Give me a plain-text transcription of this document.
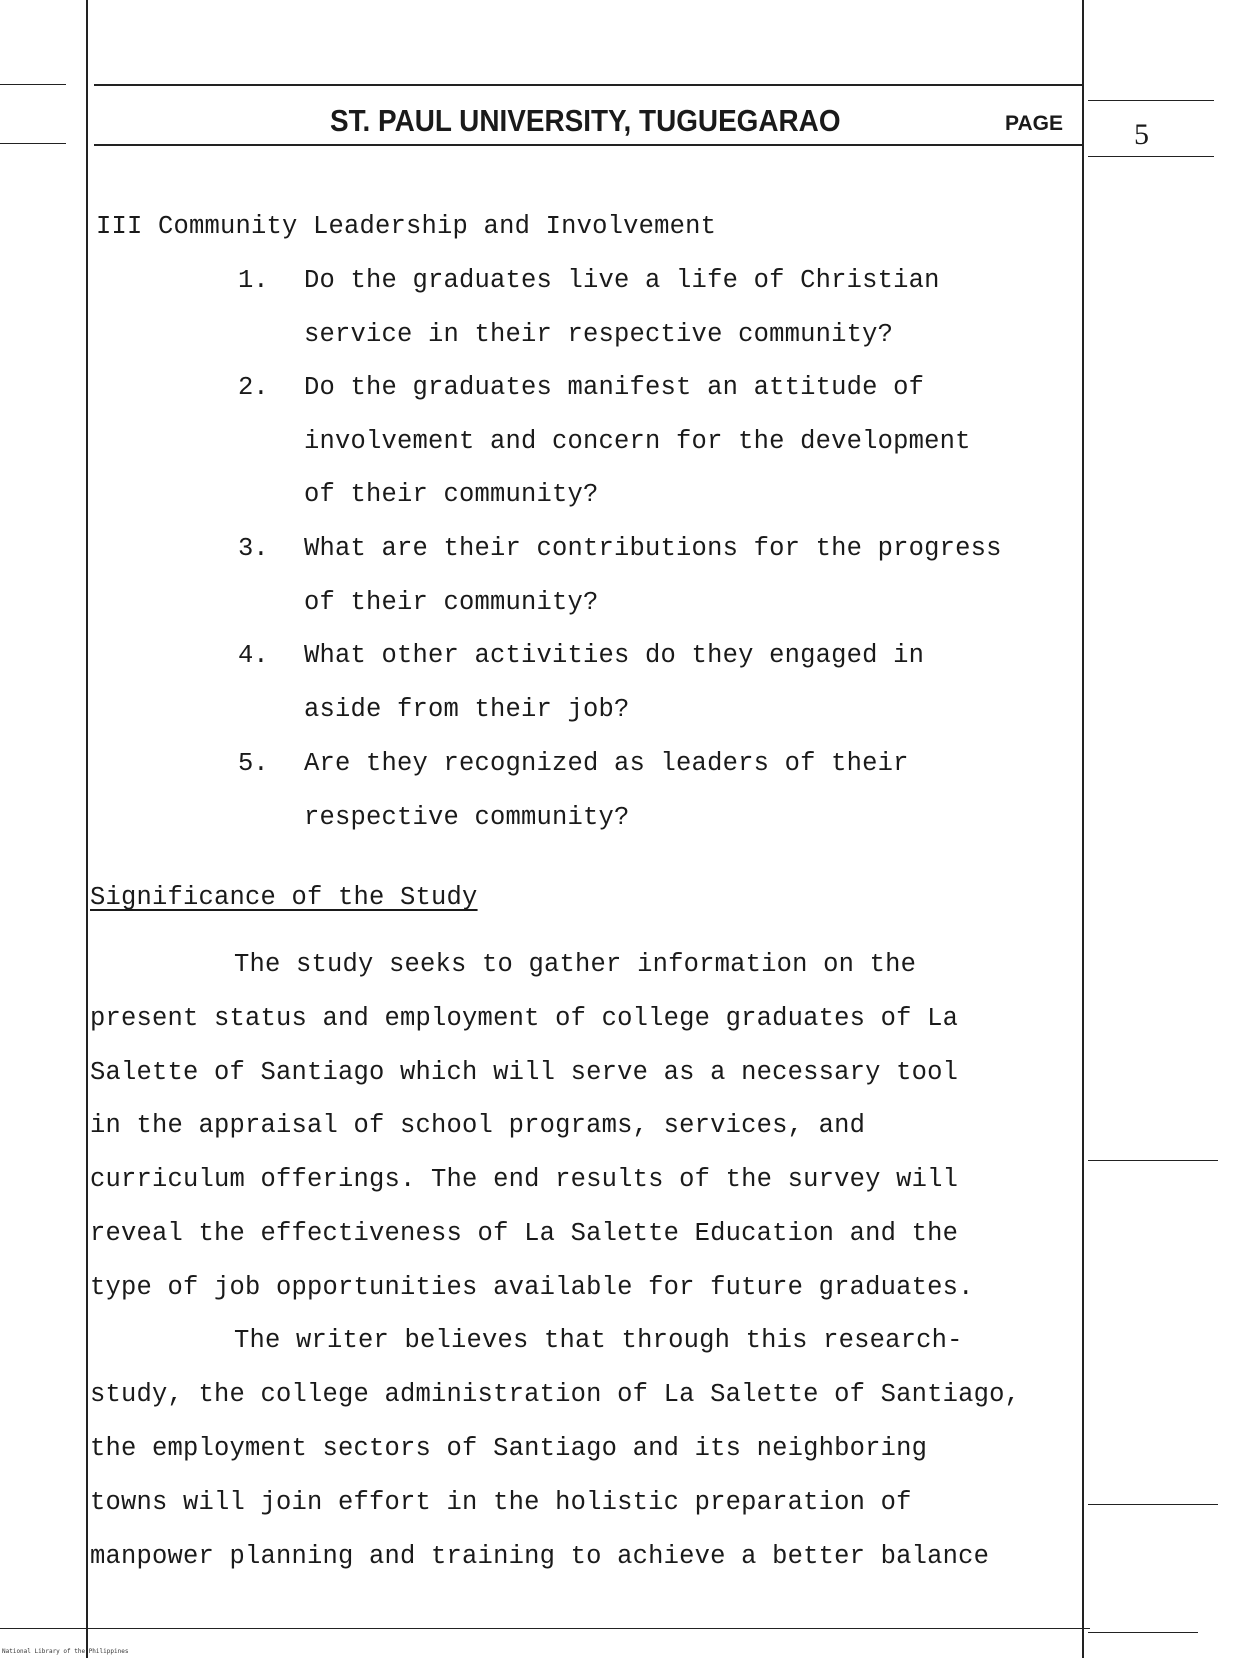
ST. PAUL UNIVERSITY, TUGUEGARAO	PAGE 5
III Community Leadership and Involvement
1. Do the graduates live a life of Christian
service in their respective community?
2. Do the graduates manifest an attitude of
involvement and concern for the development
of their community?
3. What are their contributions for the progress
of their community?
4. What other activities do they engaged in
aside from their job?
5. Are they recognized as leaders of their
respective community?
Significance of the Study
The study seeks to gather information on the
present status and employment of college graduates of La
Salette of Santiago which will serve as a necessary tool
in the appraisal of school programs, services, and
curriculum offerings. The end results of the survey will
reveal the effectiveness of La Salette Education and the
type of job opportunities available for future graduates.
The writer believes that through this research-
study, the college administration of La Salette of Santiago,
the employment sectors of Santiago and its neighboring
towns will join effort in the holistic preparation of
manpower planning and training to achieve a better balance
National Library of the Philippines
